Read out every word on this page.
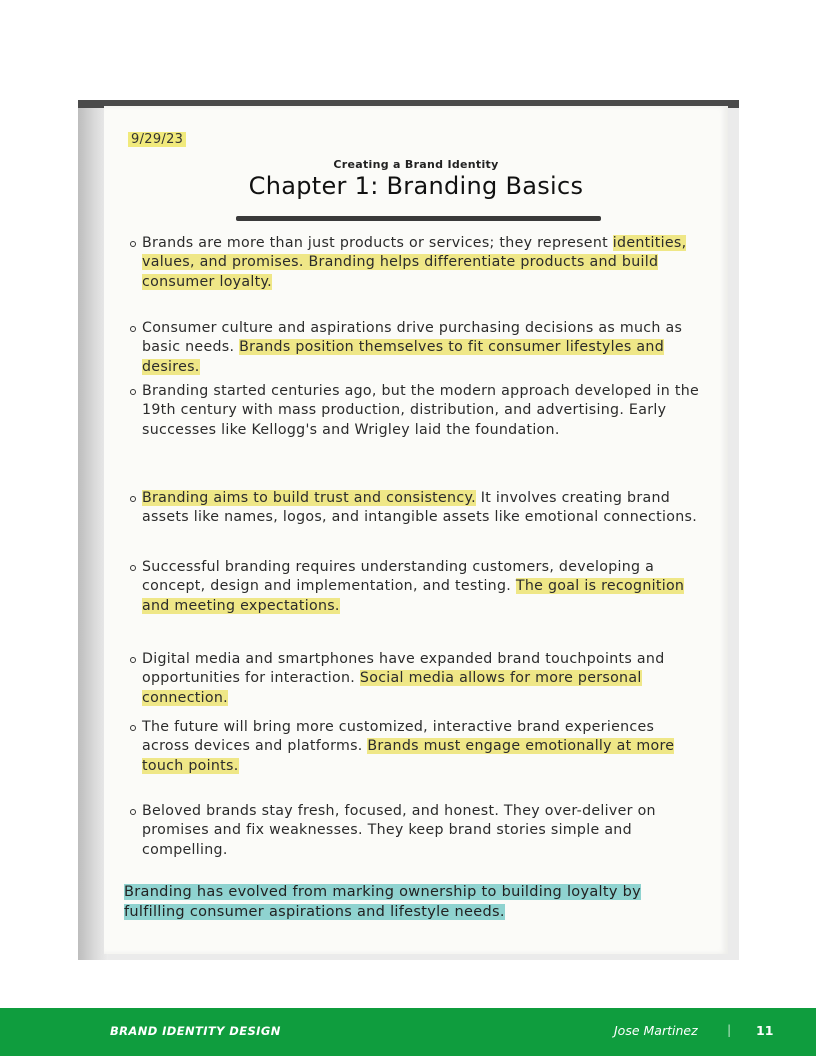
9/29/23
Creating a Brand Identity
Chapter 1: Branding Basics
Brands are more than just products or services; they represent identities, values, and promises. Branding helps differentiate products and build consumer loyalty.
Consumer culture and aspirations drive purchasing decisions as much as basic needs. Brands position themselves to fit consumer lifestyles and desires.
Branding started centuries ago, but the modern approach developed in the 19th century with mass production, distribution, and advertising. Early successes like Kellogg's and Wrigley laid the foundation.
Branding aims to build trust and consistency. It involves creating brand assets like names, logos, and intangible assets like emotional connections.
Successful branding requires understanding customers, developing a concept, design and implementation, and testing. The goal is recognition and meeting expectations.
Digital media and smartphones have expanded brand touchpoints and opportunities for interaction. Social media allows for more personal connection.
The future will bring more customized, interactive brand experiences across devices and platforms. Brands must engage emotionally at more touch points.
Beloved brands stay fresh, focused, and honest. They over-deliver on promises and fix weaknesses. They keep brand stories simple and compelling.
Branding has evolved from marking ownership to building loyalty by fulfilling consumer aspirations and lifestyle needs.
BRAND IDENTITY DESIGN	Jose Martinez | 11
